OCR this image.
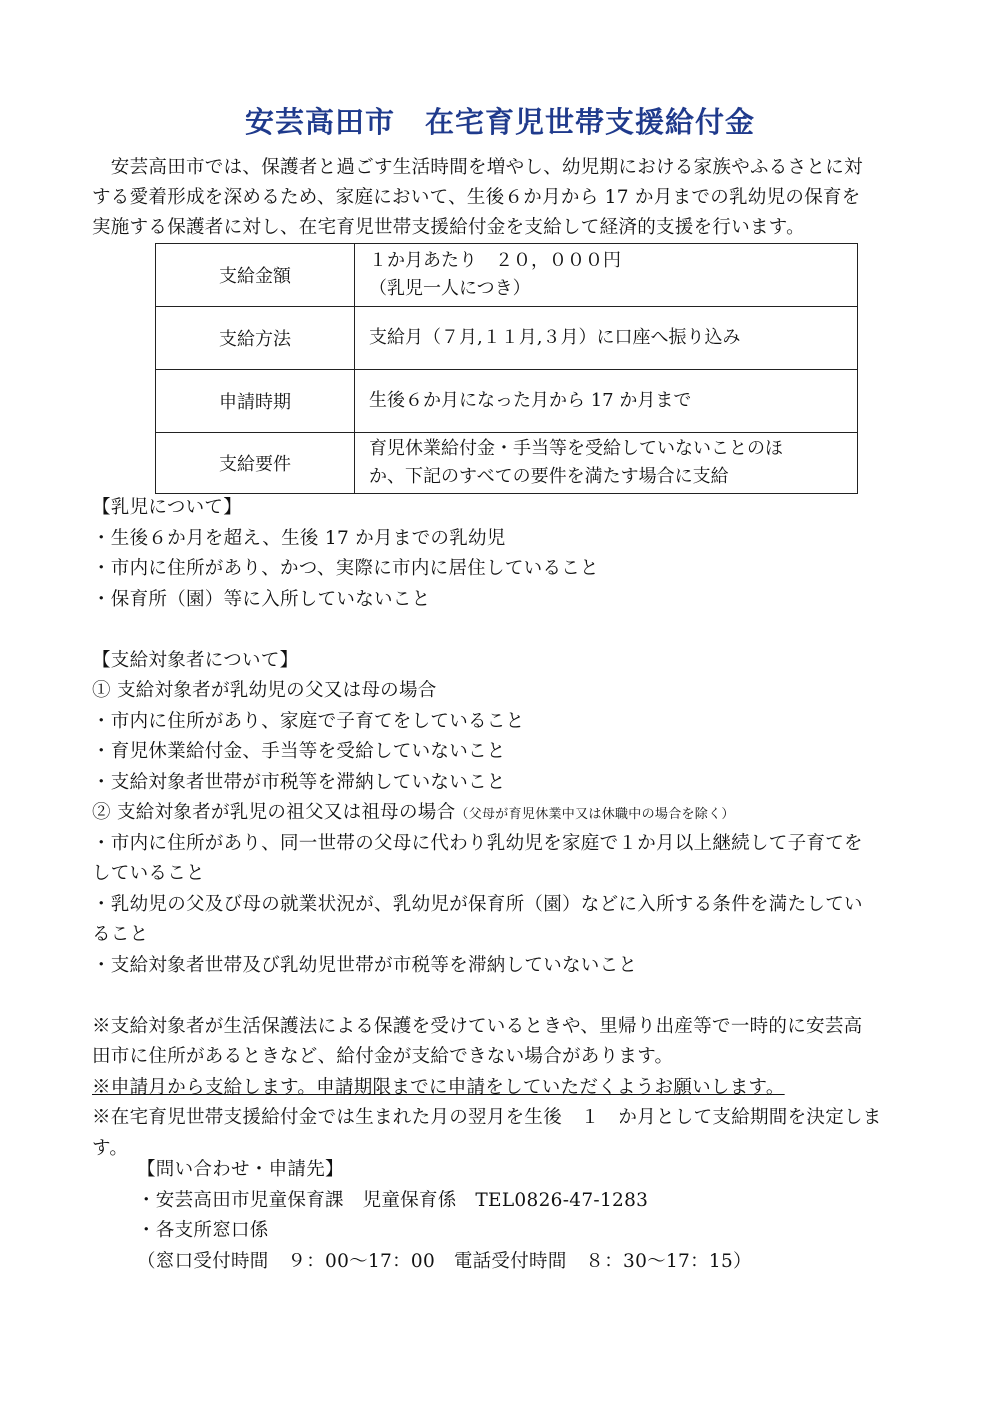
安芸高田市　在宅育児世帯支援給付金
　安芸高田市では、保護者と過ごす生活時間を増やし、幼児期における家族やふるさとに対
する愛着形成を深めるため、家庭において、生後６か月から 17 か月までの乳幼児の保育を
実施する保護者に対し、在宅育児世帯支援給付金を支給して経済的支援を行います。
支給金額	１か月あたり　２０，０００円
（乳児一人につき）

支給方法	支給月（７月,１１月,３月）に口座へ振り込み

申請時期	生後６か月になった月から 17 か月まで

支給要件	育児休業給付金・手当等を受給していないことのほ
か、下記のすべての要件を満たす場合に支給
【乳児について】
・生後６か月を超え、生後 17 か月までの乳幼児
・市内に住所があり、かつ、実際に市内に居住していること
・保育所（園）等に入所していないこと
【支給対象者について】
① 支給対象者が乳幼児の父又は母の場合
・市内に住所があり、家庭で子育てをしていること
・育児休業給付金、手当等を受給していないこと
・支給対象者世帯が市税等を滞納していないこと
② 支給対象者が乳児の祖父又は祖母の場合（父母が育児休業中又は休職中の場合を除く）
・市内に住所があり、同一世帯の父母に代わり乳幼児を家庭で１か月以上継続して子育てを
していること
・乳幼児の父及び母の就業状況が、乳幼児が保育所（園）などに入所する条件を満たしてい
ること
・支給対象者世帯及び乳幼児世帯が市税等を滞納していないこと
※支給対象者が生活保護法による保護を受けているときや、里帰り出産等で一時的に安芸高
田市に住所があるときなど、給付金が支給できない場合があります。
※申請月から支給します。申請期限までに申請をしていただくようお願いします。
※在宅育児世帯支援給付金では生まれた月の翌月を生後　１　か月として支給期間を決定しま
す。
【問い合わせ・申請先】
・安芸高田市児童保育課　児童保育係　TEL0826-47-1283
・各支所窓口係
（窓口受付時間　９：00〜17：00　電話受付時間　８：30〜17：15）
